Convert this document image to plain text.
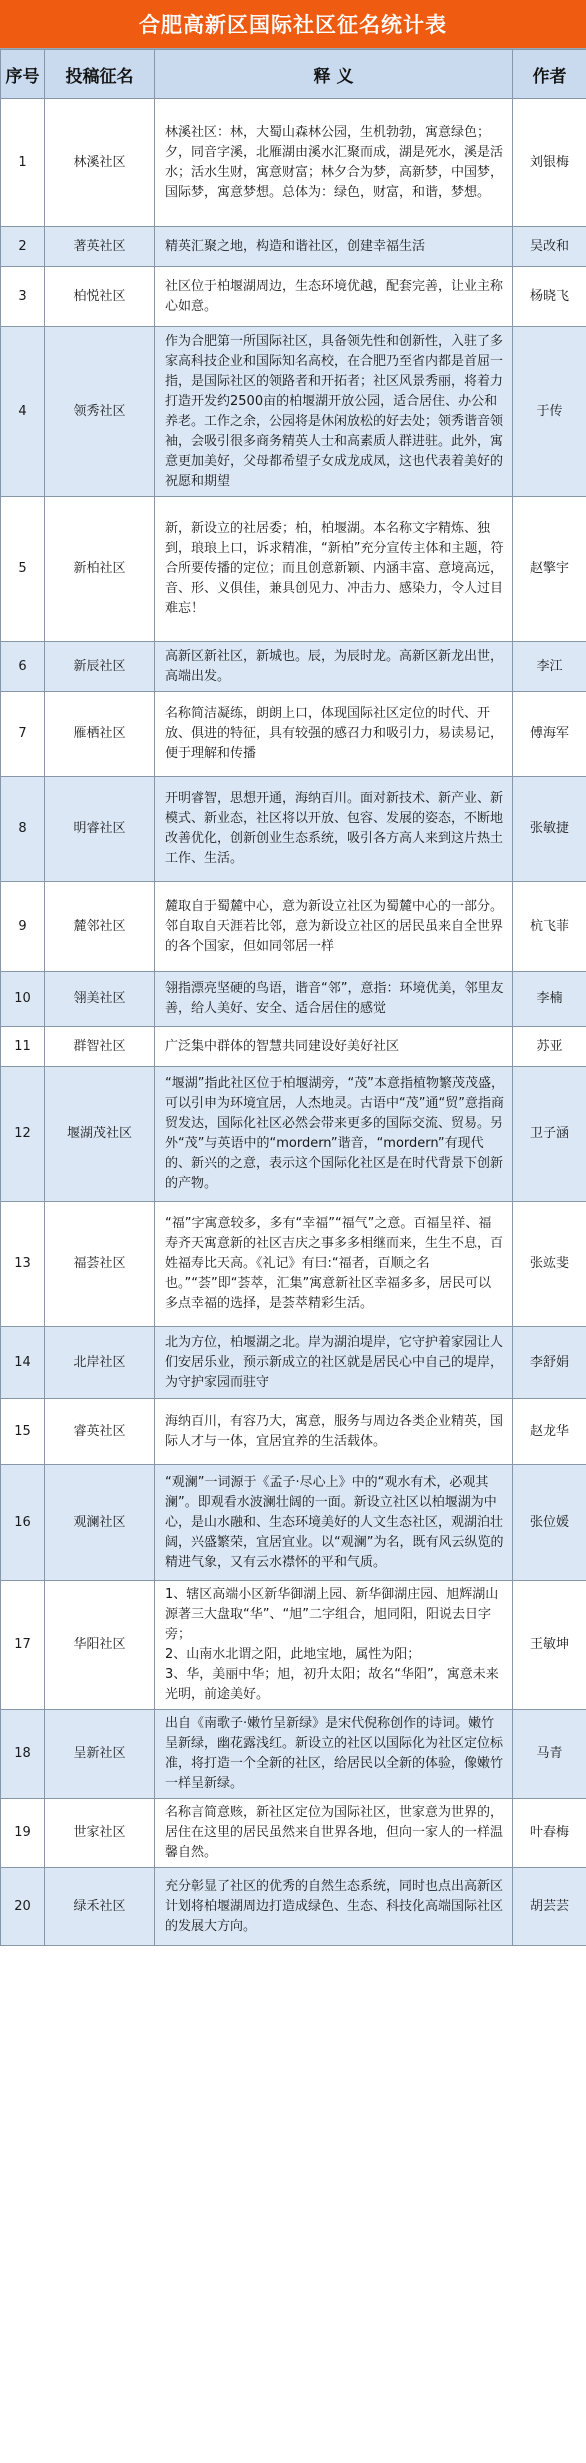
合肥高新区国际社区征名统计表
序号	投稿征名	释 义	作者
1	林溪社区	林溪社区：林，大蜀山森林公园，生机勃勃，寓意绿色；夕，同音字溪，北雁湖由溪水汇聚而成，湖是死水，溪是活水；活水生财，寓意财富；林夕合为梦，高新梦，中国梦，国际梦，寓意梦想。总体为：绿色，财富，和谐，梦想。	刘银梅
2	著英社区	精英汇聚之地，构造和谐社区，创建幸福生活	吴改和
3	柏悦社区	社区位于柏堰湖周边，生态环境优越，配套完善，让业主称心如意。	杨晓飞
4	领秀社区	作为合肥第一所国际社区，具备领先性和创新性，入驻了多家高科技企业和国际知名高校，在合肥乃至省内都是首屈一指，是国际社区的领路者和开拓者；社区风景秀丽，将着力打造开发约2500亩的柏堰湖开放公园，适合居住、办公和养老。工作之余，公园将是休闲放松的好去处；领秀谐音领袖，会吸引很多商务精英人士和高素质人群进驻。此外，寓意更加美好，父母都希望子女成龙成凤，这也代表着美好的祝愿和期望	于传
5	新柏社区	新，新设立的社居委；柏，柏堰湖。本名称文字精炼、独到，琅琅上口，诉求精准，“新柏”充分宣传主体和主题，符合所要传播的定位；而且创意新颖、内涵丰富、意境高远，音、形、义俱佳，兼具创见力、冲击力、感染力，令人过目难忘！	赵擎宇
6	新辰社区	高新区新社区，新城也。辰，为辰时龙。高新区新龙出世，高端出发。	李江
7	雁栖社区	名称简洁凝练，朗朗上口，体现国际社区定位的时代、开放、俱进的特征，具有较强的感召力和吸引力，易读易记，便于理解和传播	傅海军
8	明睿社区	开明睿智，思想开通，海纳百川。面对新技术、新产业、新模式、新业态，社区将以开放、包容、发展的姿态，不断地改善优化，创新创业生态系统，吸引各方高人来到这片热土工作、生活。	张敏捷
9	麓邻社区	麓取自于蜀麓中心，意为新设立社区为蜀麓中心的一部分。邻自取自天涯若比邻，意为新设立社区的居民虽来自全世界的各个国家，但如同邻居一样	杭飞菲
10	翎美社区	翎指漂亮坚硬的鸟语，谐音“邻”，意指：环境优美，邻里友善，给人美好、安全、适合居住的感觉	李楠
11	群智社区	广泛集中群体的智慧共同建设好美好社区	苏亚
12	堰湖茂社区	“堰湖”指此社区位于柏堰湖旁，“茂”本意指植物繁茂茂盛，可以引申为环境宜居，人杰地灵。古语中“茂”通“贸”意指商贸发达，国际化社区必然会带来更多的国际交流、贸易。另外“茂”与英语中的“mordern”谐音，“mordern”有现代的、新兴的之意，表示这个国际化社区是在时代背景下创新的产物。	卫子涵
13	福荟社区	“福”字寓意较多，多有“幸福”“福气”之意。百福呈祥、福寿齐天寓意新的社区吉庆之事多多相继而来，生生不息，百姓福寿比天高。《礼记》有曰:“福者，百顺之名也。”“荟”即“荟萃，汇集”寓意新社区幸福多多，居民可以多点幸福的选择，是荟萃精彩生活。	张竑斐
14	北岸社区	北为方位，柏堰湖之北。岸为湖泊堤岸，它守护着家园让人们安居乐业，预示新成立的社区就是居民心中自己的堤岸，为守护家园而驻守	李舒娟
15	睿英社区	海纳百川，有容乃大，寓意，服务与周边各类企业精英，国际人才与一体，宜居宜养的生活载体。	赵龙华
16	观澜社区	“观澜”一词源于《孟子·尽心上》中的“观水有术，必观其澜”。即观看水波澜壮阔的一面。新设立社区以柏堰湖为中心，是山水融和、生态环境美好的人文生态社区，观湖泊壮阔，兴盛繁荣，宜居宜业。以“观澜”为名，既有风云纵览的精进气象，又有云水襟怀的平和气质。	张位媛
17	华阳社区	1、辖区高端小区新华御湖上园、新华御湖庄园、旭辉湖山源著三大盘取“华”、“旭”二字组合，旭同阳，阳说去日字旁；
2、山南水北谓之阳，此地宝地，属性为阳；
3、华，美丽中华；旭，初升太阳；故名“华阳”，寓意未来光明，前途美好。	王敏坤
18	呈新社区	出自《南歌子·嫩竹呈新绿》是宋代倪称创作的诗词。嫩竹呈新绿，幽花露浅红。新设立的社区以国际化为社区定位标准，将打造一个全新的社区，给居民以全新的体验，像嫩竹一样呈新绿。	马青
19	世家社区	名称言简意赅，新社区定位为国际社区，世家意为世界的，居住在这里的居民虽然来自世界各地，但向一家人的一样温馨自然。	叶春梅
20	绿禾社区	充分彰显了社区的优秀的自然生态系统，同时也点出高新区计划将柏堰湖周边打造成绿色、生态、科技化高端国际社区的发展大方向。	胡芸芸
